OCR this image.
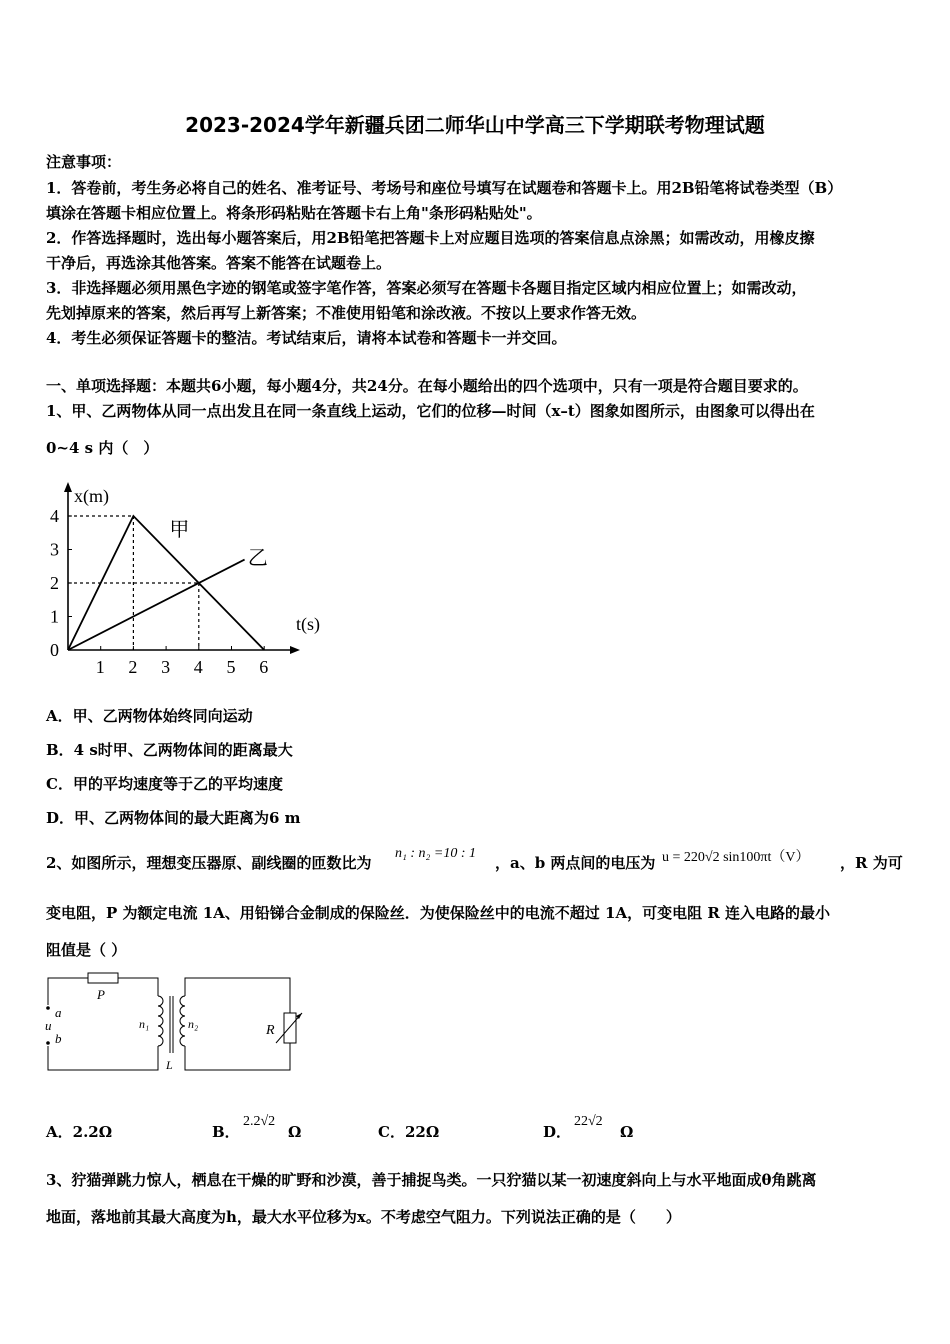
2023-2024学年新疆兵团二师华山中学高三下学期联考物理试题
注意事项：
1．答卷前，考生务必将自己的姓名、准考证号、考场号和座位号填写在试题卷和答题卡上。用2B铅笔将试卷类型（B）
填涂在答题卡相应位置上。将条形码粘贴在答题卡右上角"条形码粘贴处"。
2．作答选择题时，选出每小题答案后，用2B铅笔把答题卡上对应题目选项的答案信息点涂黑；如需改动，用橡皮擦
干净后，再选涂其他答案。答案不能答在试题卷上。
3．非选择题必须用黑色字迹的钢笔或签字笔作答，答案必须写在答题卡各题目指定区域内相应位置上；如需改动，
先划掉原来的答案，然后再写上新答案；不准使用铅笔和涂改液。不按以上要求作答无效。
4．考生必须保证答题卡的整洁。考试结束后，请将本试卷和答题卡一并交回。
一、单项选择题：本题共6小题，每小题4分，共24分。在每小题给出的四个选项中，只有一项是符合题目要求的。
1、甲、乙两物体从同一点出发且在同一条直线上运动，它们的位移—时间（x–t）图象如图所示，由图象可以得出在
0~4 s 内（　）
x(m)
t(s)
0
1 2 3 4 5 6
1
2
3
4
甲
乙
A．甲、乙两物体始终同向运动
B．4 s时甲、乙两物体间的距离最大
C．甲的平均速度等于乙的平均速度
D．甲、乙两物体间的最大距离为6 m
2、如图所示，理想变压器原、副线圈的匝数比为
n₁ : n₂ =10 : 1
，a、b 两点间的电压为 u = 220√2 sin100πt（V） ，R 为可
变电阻，P 为额定电流 1A、用铅锑合金制成的保险丝．为使保险丝中的电流不超过 1A，可变电阻 R 连入电路的最小
阻值是（ ）
P
a
u
b
n₁	n₂
L
R
A．2.2Ω	B．
2.2√2
Ω	C．22Ω	D．
22√2
Ω
3、狞猫弹跳力惊人，栖息在干燥的旷野和沙漠，善于捕捉鸟类。一只狞猫以某一初速度斜向上与水平地面成θ角跳离
地面，落地前其最大高度为h，最大水平位移为x。不考虑空气阻力。下列说法正确的是（　　）
